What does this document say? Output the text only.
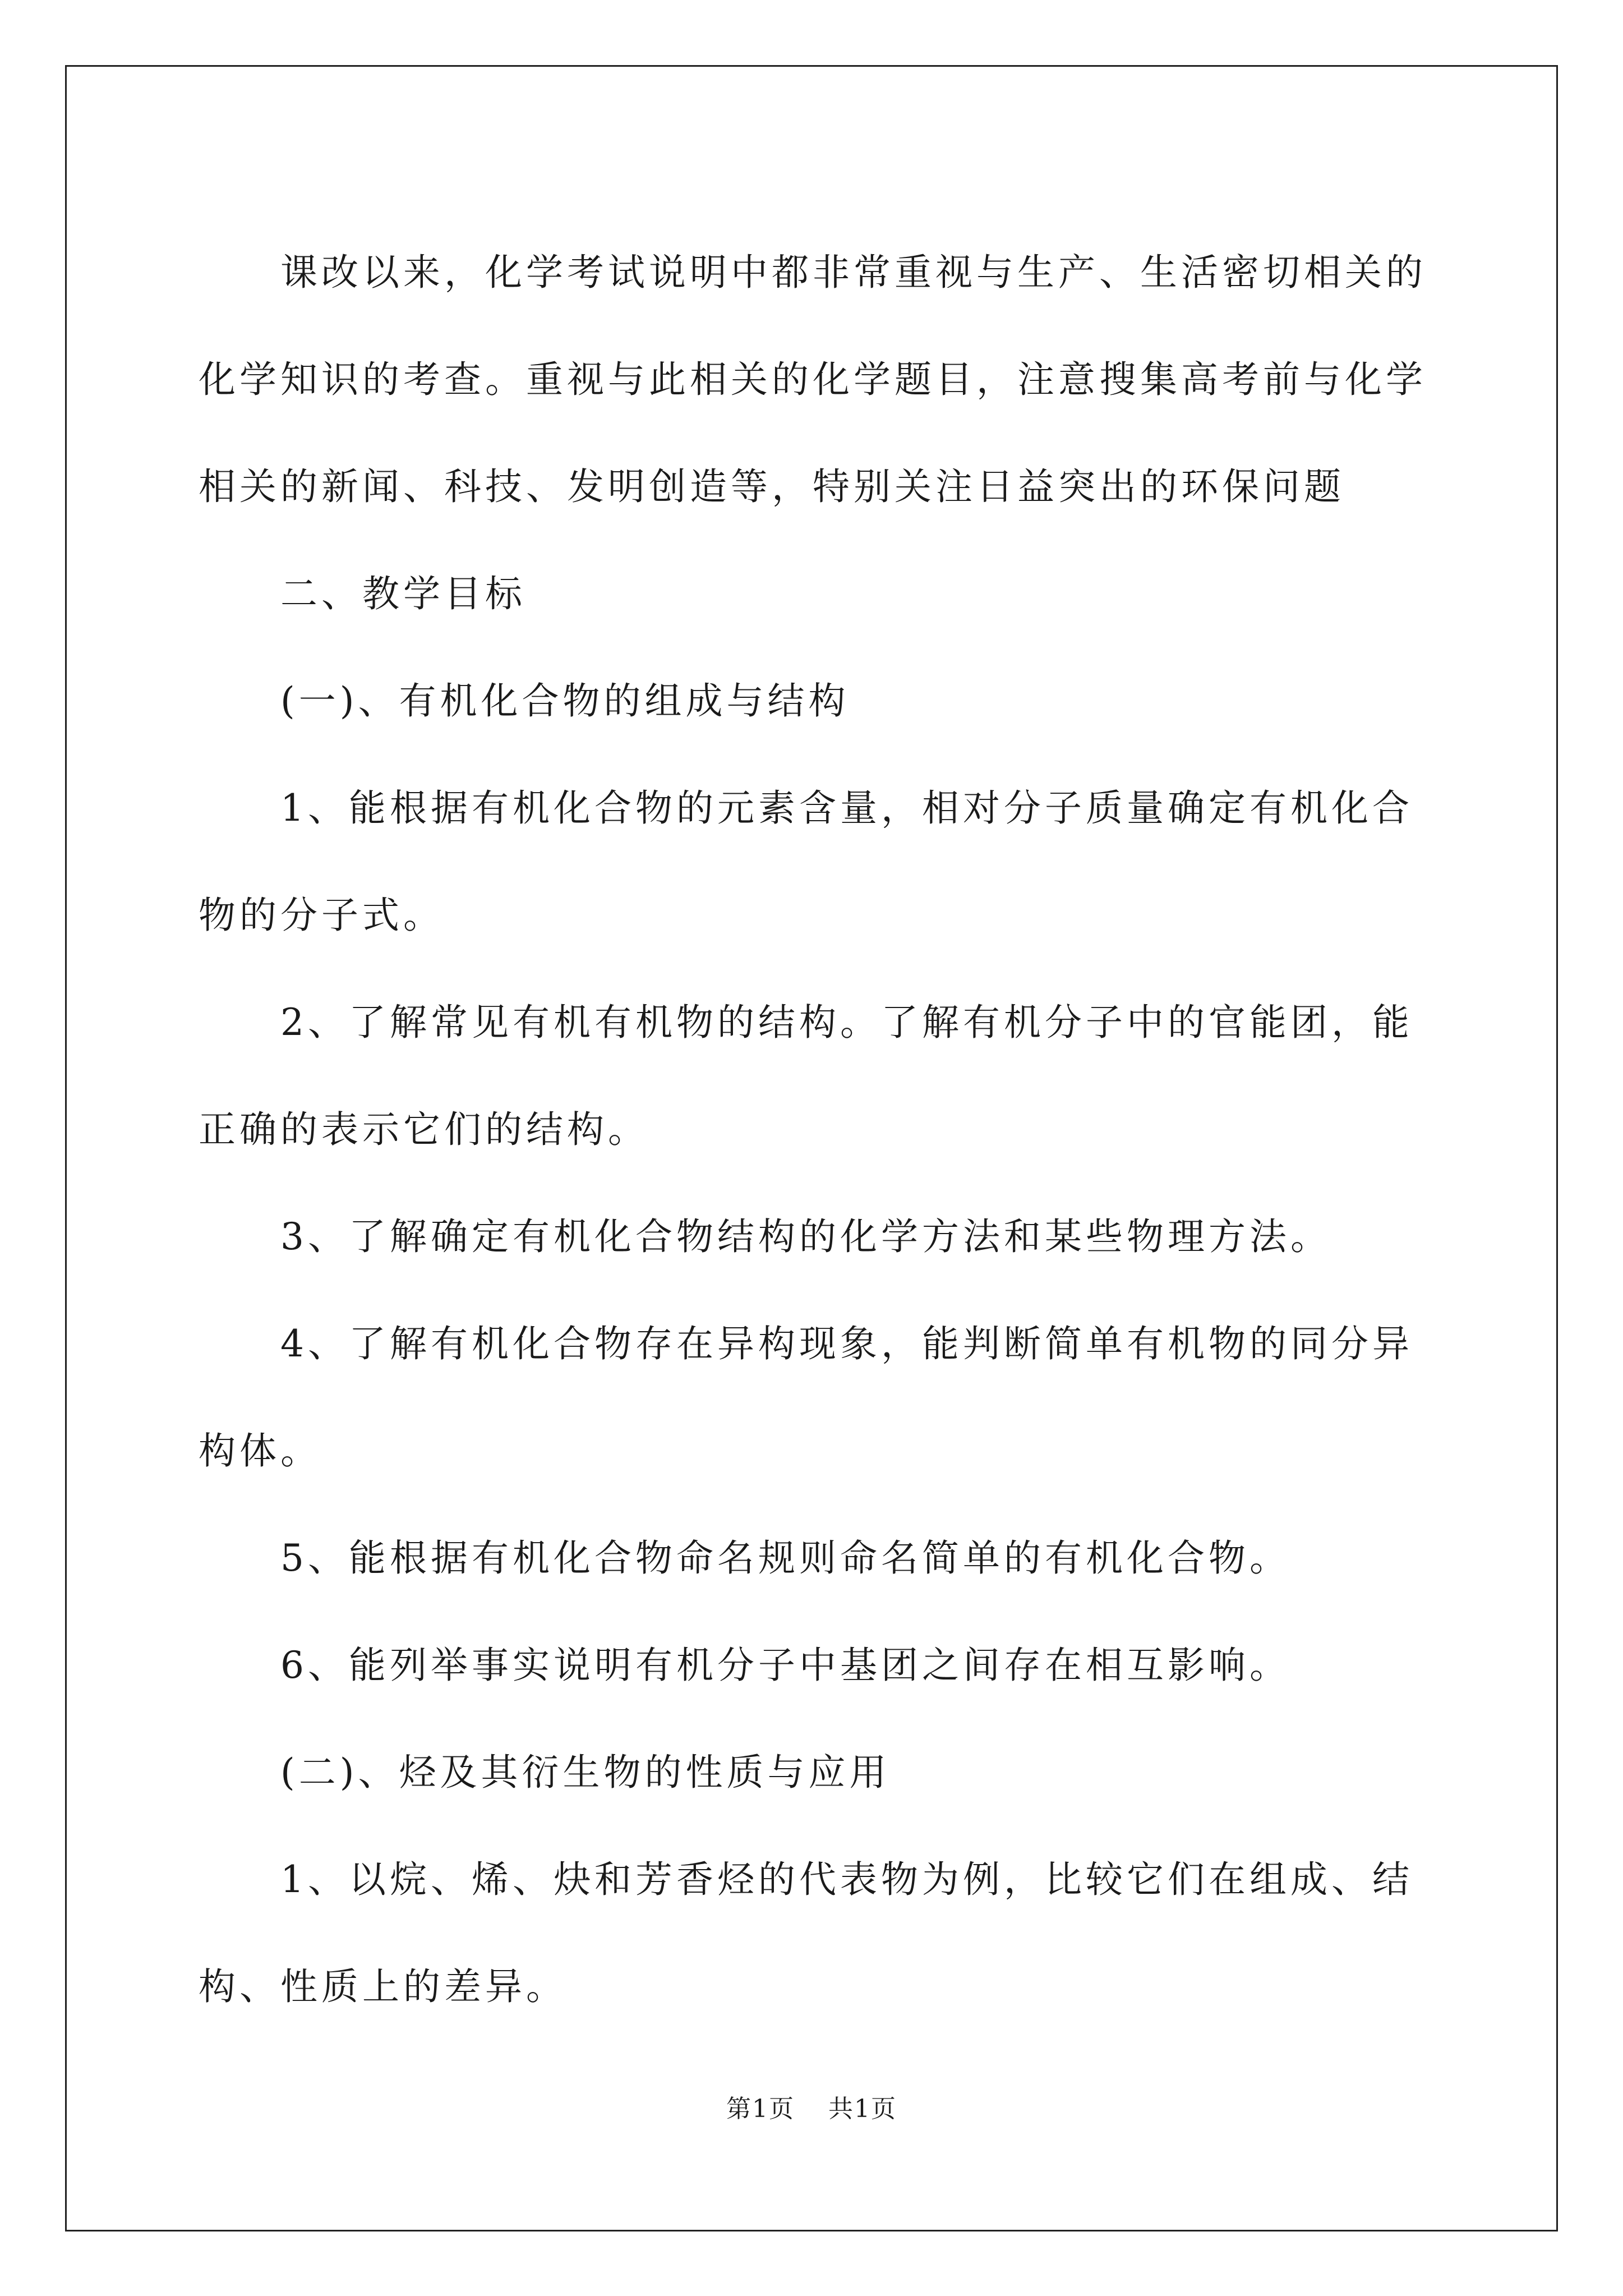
课改以来，化学考试说明中都非常重视与生产、生活密切相关的化学知识的考查。重视与此相关的化学题目，注意搜集高考前与化学相关的新闻、科技、发明创造等，特别关注日益突出的环保问题

二、教学目标

(一)、有机化合物的组成与结构

1、能根据有机化合物的元素含量，相对分子质量确定有机化合物的分子式。

2、了解常见有机有机物的结构。了解有机分子中的官能团，能正确的表示它们的结构。

3、了解确定有机化合物结构的化学方法和某些物理方法。

4、了解有机化合物存在异构现象，能判断简单有机物的同分异构体。

5、能根据有机化合物命名规则命名简单的有机化合物。

6、能列举事实说明有机分子中基团之间存在相互影响。

(二)、烃及其衍生物的性质与应用

1、以烷、烯、炔和芳香烃的代表物为例，比较它们在组成、结构、性质上的差异。

第1页 共1页
